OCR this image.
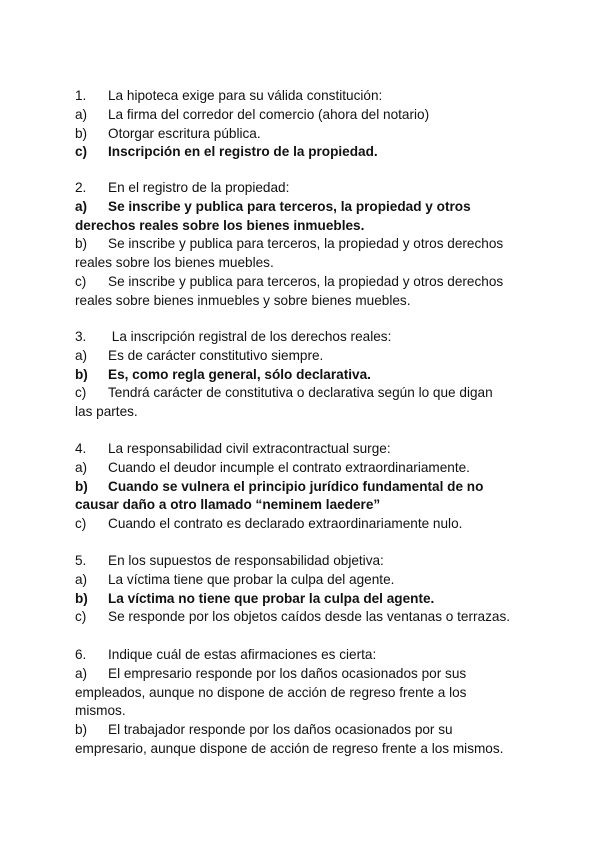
1. La hipoteca exige para su válida constitución:
a) La firma del corredor del comercio (ahora del notario)
b) Otorgar escritura pública.
c) Inscripción en el registro de la propiedad.
2. En el registro de la propiedad:
a) Se inscribe y publica para terceros, la propiedad y otros
derechos reales sobre los bienes inmuebles.
b) Se inscribe y publica para terceros, la propiedad y otros derechos
reales sobre los bienes muebles.
c) Se inscribe y publica para terceros, la propiedad y otros derechos
reales sobre bienes inmuebles y sobre bienes muebles.
3. La inscripción registral de los derechos reales:
a) Es de carácter constitutivo siempre.
b) Es, como regla general, sólo declarativa.
c) Tendrá carácter de constitutiva o declarativa según lo que digan
las partes.
4. La responsabilidad civil extracontractual surge:
a) Cuando el deudor incumple el contrato extraordinariamente.
b) Cuando se vulnera el principio jurídico fundamental de no
causar daño a otro llamado “neminem laedere”
c) Cuando el contrato es declarado extraordinariamente nulo.
5. En los supuestos de responsabilidad objetiva:
a) La víctima tiene que probar la culpa del agente.
b) La víctima no tiene que probar la culpa del agente.
c) Se responde por los objetos caídos desde las ventanas o terrazas.
6. Indique cuál de estas afirmaciones es cierta:
a) El empresario responde por los daños ocasionados por sus
empleados, aunque no dispone de acción de regreso frente a los
mismos.
b) El trabajador responde por los daños ocasionados por su
empresario, aunque dispone de acción de regreso frente a los mismos.
